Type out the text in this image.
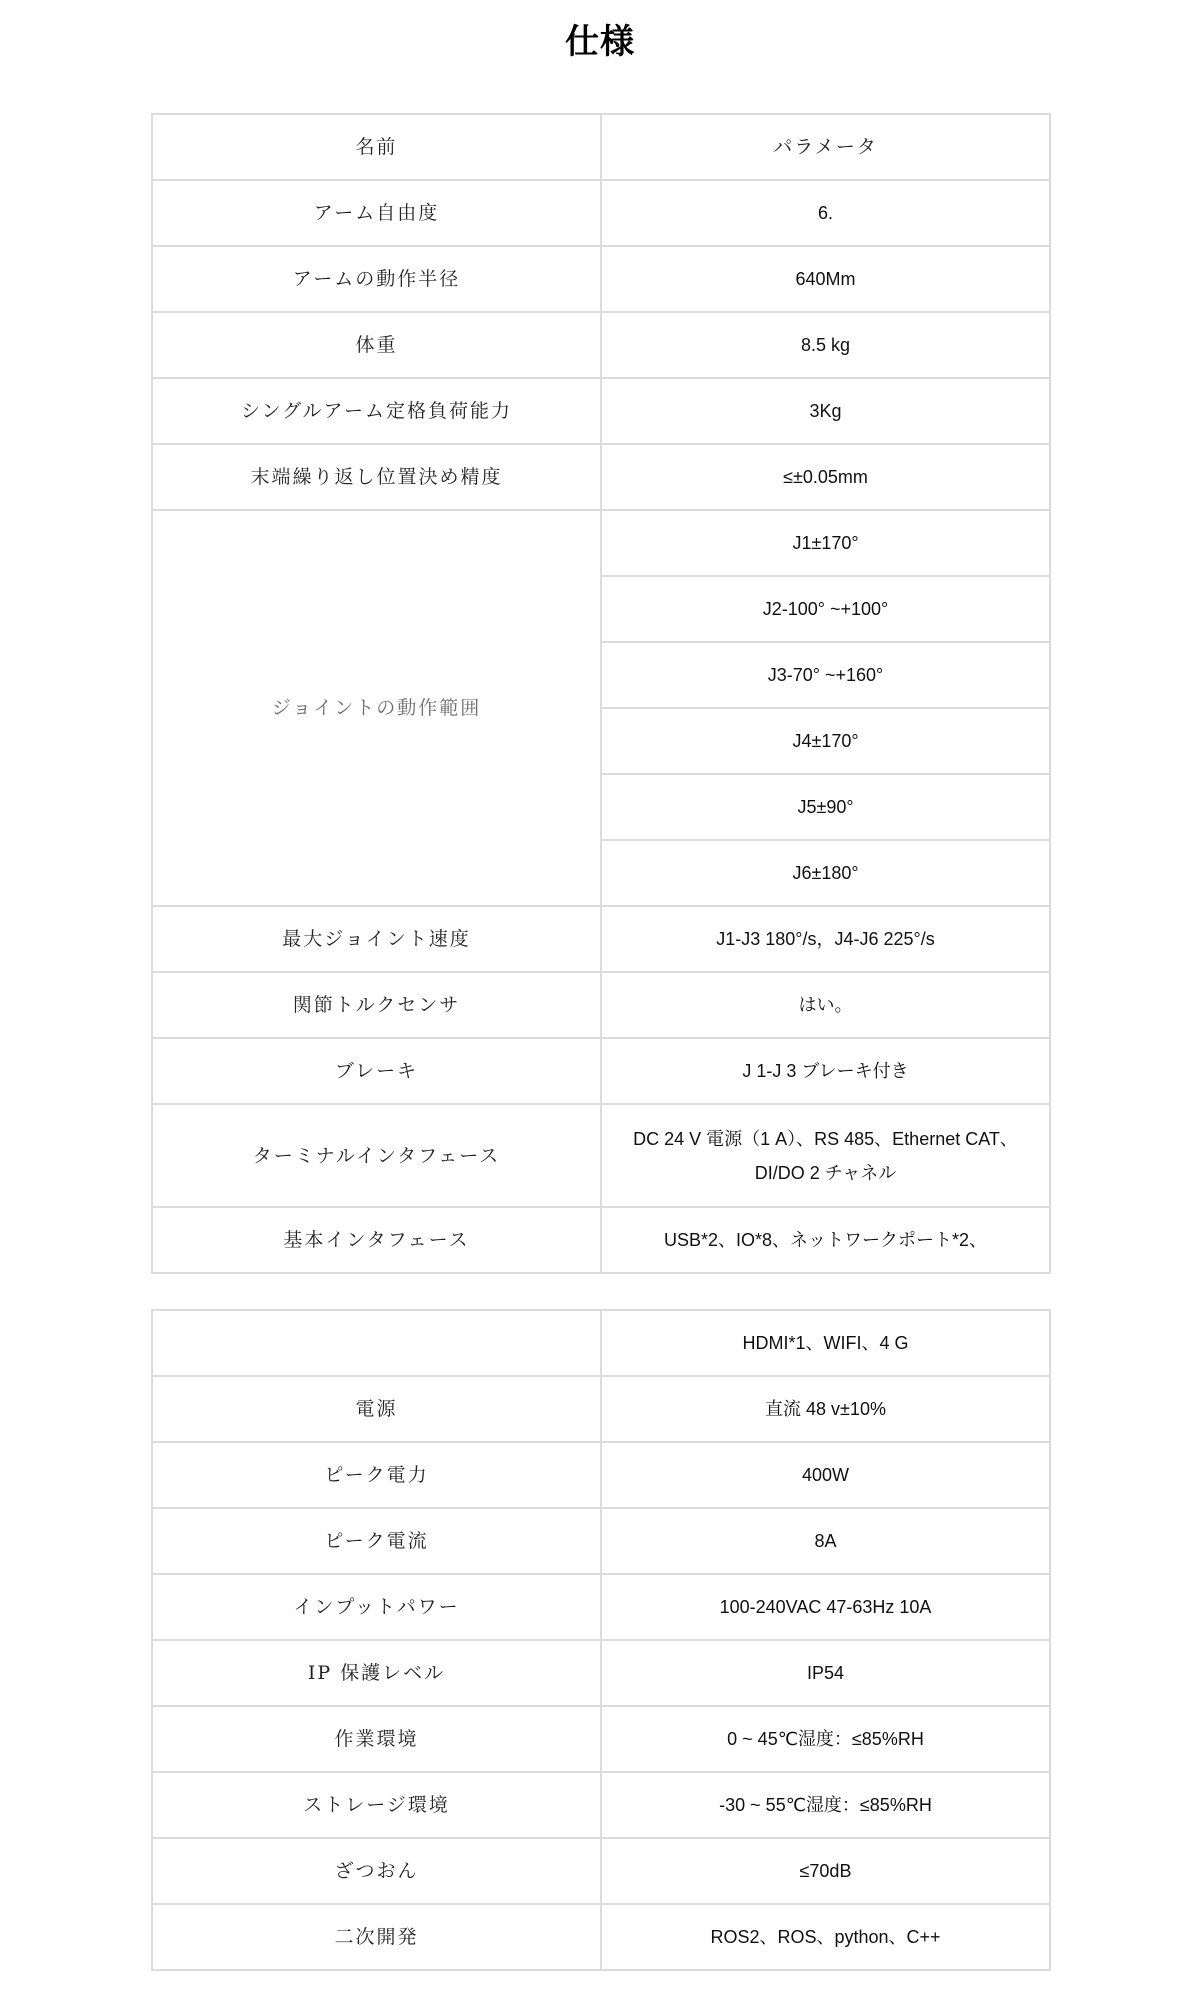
仕様
名前	パラメータ
アーム自由度	6.
アームの動作半径	640Mm
体重	8.5 kg
シングルアーム定格負荷能力	3Kg
末端繰り返し位置決め精度	≤±0.05mm
ジョイントの動作範囲	J1±170°
	J2-100° ~+100°
	J3-70° ~+160°
	J4±170°
	J5±90°
	J6±180°
最大ジョイント速度	J1-J3 180°/s，J4-J6 225°/s
関節トルクセンサ	はい。
ブレーキ	J 1-J 3 ブレーキ付き
ターミナルインタフェース	DC 24 V 電源（1 A）、RS 485、Ethernet CAT、
DI/DO 2 チャネル

基本インタフェース	USB*2、IO*8、ネットワークポート*2、
	HDMI*1、WIFI、4 G
電源	直流 48 v±10%
ピーク電力	400W
ピーク電流	8A
インプットパワー	100-240VAC 47-63Hz 10A
IP 保護レベル	IP54
作業環境	0 ~ 45℃湿度：≤85%RH
ストレージ環境	-30 ~ 55℃湿度：≤85%RH
ざつおん	≤70dB
二次開発	ROS2、ROS、python、C++
